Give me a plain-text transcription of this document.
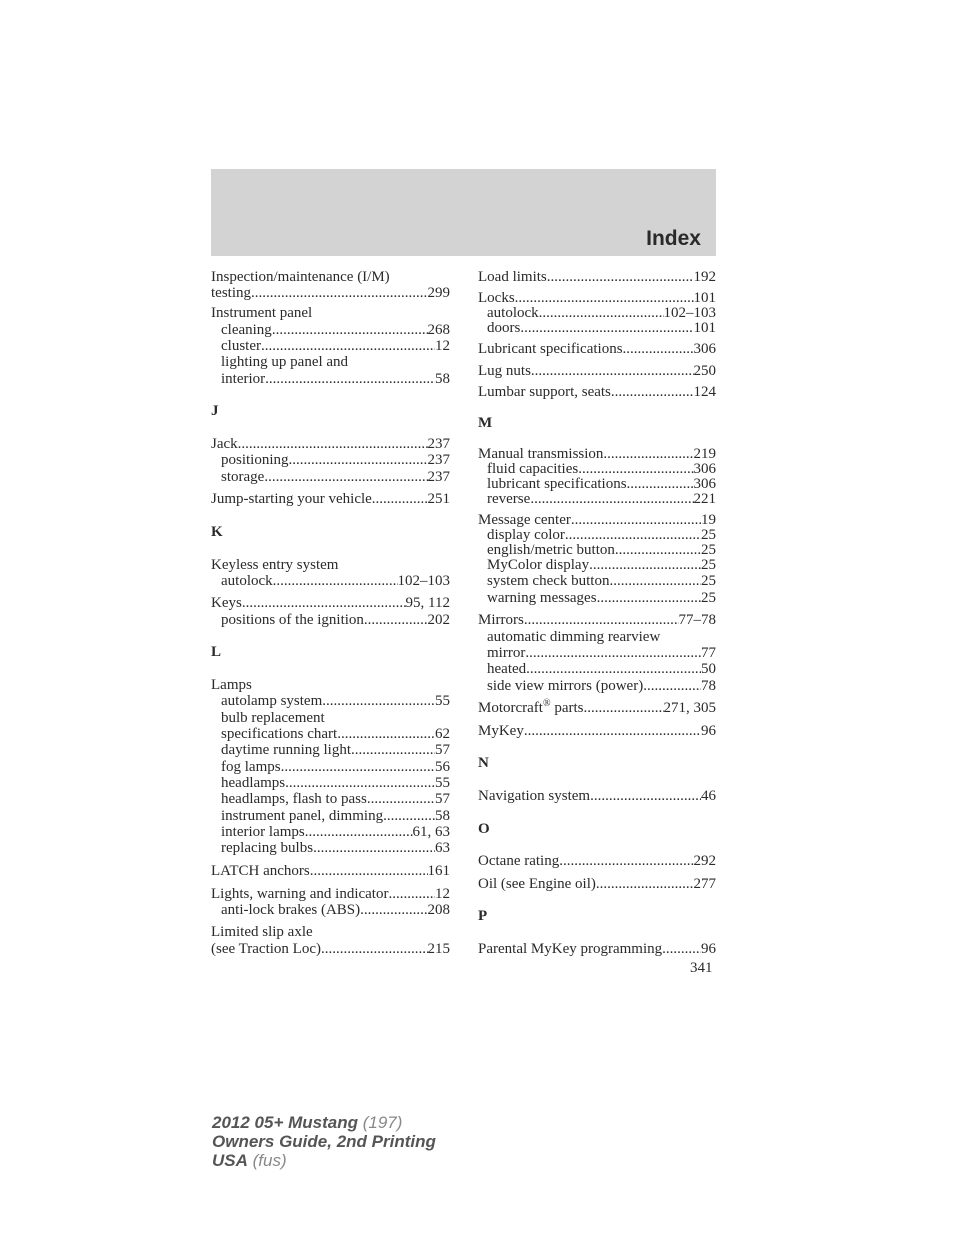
Index
Inspection/maintenance (I/M)
testing .....	299
Instrument panel
cleaning .....	268
cluster .....	12
lighting up panel and
interior .....	58
J
Jack .....	237
positioning .....	237
storage .....	237
Jump-starting your vehicle .....	251
K
Keyless entry system
autolock .....	102–103
Keys .....	95, 112
positions of the ignition .....	202
L
Lamps
autolamp system .....	55
bulb replacement
specifications chart .....	62
daytime running light .....	57
fog lamps .....	56
headlamps .....	55
headlamps, flash to pass .....	57
instrument panel, dimming .....	58
interior lamps .....	61, 63
replacing bulbs .....	63
LATCH anchors .....	161
Lights, warning and indicator .....	12
anti-lock brakes (ABS) .....	208
Limited slip axle
(see Traction Loc) .....	215
Load limits .....	192
Locks .....	101
autolock .....	102–103
doors .....	101
Lubricant specifications .....	306
Lug nuts .....	250
Lumbar support, seats .....	124
M
Manual transmission .....	219
fluid capacities .....	306
lubricant specifications .....	306
reverse .....	221
Message center .....	19
display color .....	25
english/metric button .....	25
MyColor display .....	25
system check button .....	25
warning messages .....	25
Mirrors .....	77–78
automatic dimming rearview
mirror .....	77
heated .....	50
side view mirrors (power) .....	78
Motorcraft® parts .....	271, 305
MyKey .....	96
N
Navigation system .....	46
O
Octane rating .....	292
Oil (see Engine oil) .....	277
P
Parental MyKey programming .....	96
341
2012 05+ Mustang (197)
Owners Guide, 2nd Printing
USA (fus)
